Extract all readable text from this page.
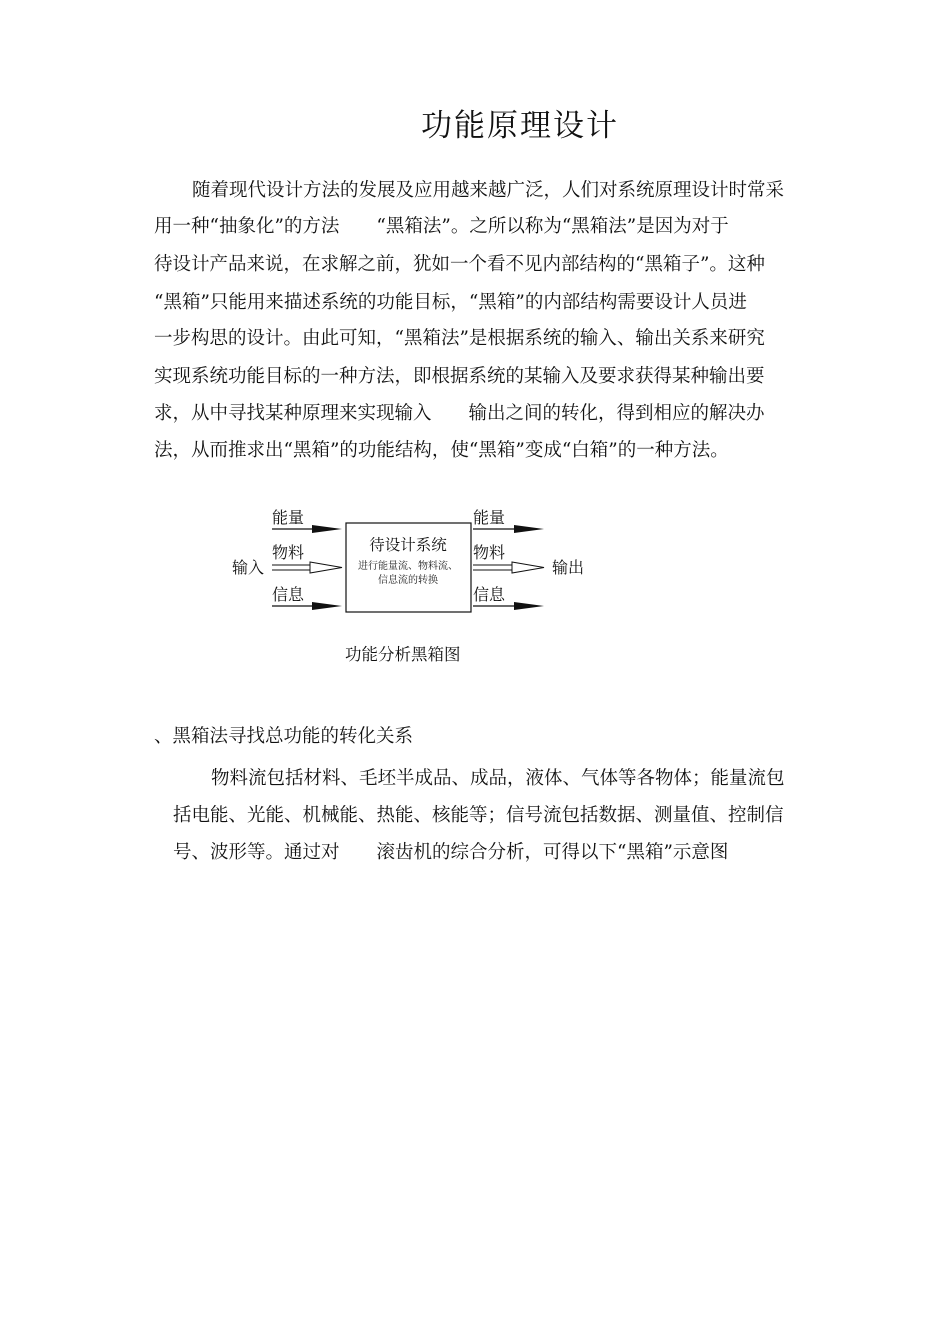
功能原理设计

随着现代设计方法的发展及应用越来越广泛，人们对系统原理设计时常采

用一种“抽象化”的方法　　“黑箱法”。之所以称为“黑箱法”是因为对于

待设计产品来说，在求解之前，犹如一个看不见内部结构的“黑箱子”。这种

“黑箱”只能用来描述系统的功能目标，“黑箱”的内部结构需要设计人员进

一步构思的设计。由此可知，“黑箱法”是根据系统的输入、输出关系来研究

实现系统功能目标的一种方法，即根据系统的某输入及要求获得某种输出要

求，从中寻找某种原理来实现输入　　输出之间的转化，得到相应的解决办

法，从而推求出“黑箱”的功能结构，使“黑箱”变成“白箱”的一种方法。

待设计系统
进行能量流、物料流、
信息流的转换
输入	输出
能量
物料
信息
能量
物料
信息
功能分析黑箱图
、黑箱法寻找总功能的转化关系

物料流包括材料、毛坯半成品、成品，液体、气体等各物体；能量流包

括电能、光能、机械能、热能、核能等；信号流包括数据、测量值、控制信

号、波形等。通过对　　滚齿机的综合分析，可得以下“黑箱”示意图
